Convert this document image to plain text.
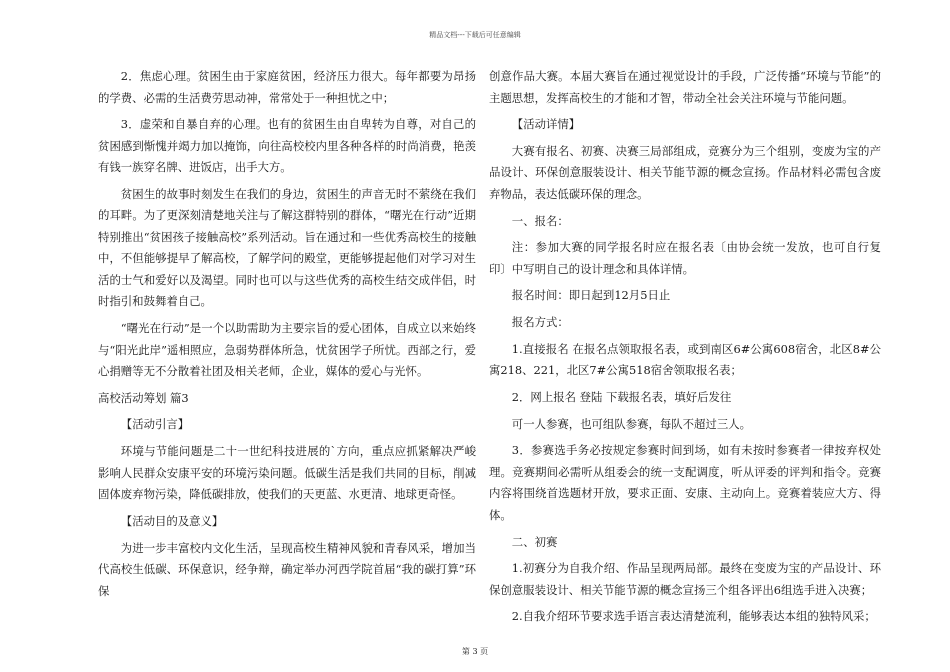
精品文档---下载后可任意编辑

2．焦虑心理。贫困生由于家庭贫困，经济压力很大。每年都要为昂扬的学费、必需的生活费劳思动神，常常处于一种担忧之中；

3．虚荣和自暴自弃的心理。也有的贫困生由自卑转为自尊，对自己的贫困感到惭愧并竭力加以掩饰，向往高校校内里各种各样的时尚消费，艳羡有钱一族穿名牌、进饭店，出手大方。

贫困生的故事时刻发生在我们的身边，贫困生的声音无时不萦绕在我们的耳畔。为了更深刻清楚地关注与了解这群特别的群体，“曙光在行动”近期特别推出“贫困孩子接触高校”系列活动。旨在通过和一些优秀高校生的接触中，不但能够提早了解高校，了解学问的殿堂，更能够提起他们对学习对生活的士气和爱好以及渴望。同时也可以与这些优秀的高校生结交成伴侣，时时指引和鼓舞着自己。

“曙光在行动”是一个以助需助为主要宗旨的爱心团体，自成立以来始终与“阳光此岸”遥相照应，急弱势群体所急，忧贫困学子所忧。西部之行，爱心捐赠等无不分散着社团及相关老师，企业，媒体的爱心与光怀。

高校活动筹划 篇3

【活动引言】

环境与节能问题是二十一世纪科技进展的`方向，重点应抓紧解决严峻影响人民群众安康平安的环境污染问题。低碳生活是我们共同的目标，削减固体废弃物污染，降低碳排放，使我们的天更蓝、水更清、地球更奇怪。

【活动目的及意义】

为进一步丰富校内文化生活，呈现高校生精神风貌和青春风采，增加当代高校生低碳、环保意识，经争辩，确定举办河西学院首届“我的碳打算”环保

创意作品大赛。本届大赛旨在通过视觉设计的手段，广泛传播“环境与节能”的主题思想，发挥高校生的才能和才智，带动全社会关注环境与节能问题。

【活动详情】

大赛有报名、初赛、决赛三局部组成，竞赛分为三个组别，变废为宝的产品设计、环保创意服装设计、相关节能节源的概念宣扬。作品材料必需包含废弃物品，表达低碳环保的理念。

一、报名：

注：参加大赛的同学报名时应在报名表〔由协会统一发放，也可自行复印〕中写明自己的设计理念和具体详情。

报名时间：即日起到12月5日止

报名方式：

1.直接报名 在报名点领取报名表，或到南区6#公寓608宿舍，北区8#公寓218、221，北区7#公寓518宿舍领取报名表；

2．网上报名 登陆 下载报名表，填好后发往

可一人参赛，也可组队参赛，每队不超过三人。

3．参赛选手务必按规定参赛时间到场，如有未按时参赛者一律按弃权处理。竞赛期间必需听从组委会的统一支配调度，听从评委的评判和指令。竞赛内容将围绕首选题材开放，要求正面、安康、主动向上。竞赛着装应大方、得体。

二、初赛

1.初赛分为自我介绍、作品呈现两局部。最终在变废为宝的产品设计、环保创意服装设计、相关节能节源的概念宣扬三个组各评出6组选手进入决赛；

2.自我介绍环节要求选手语言表达清楚流利，能够表达本组的独特风采；

第 3 页
